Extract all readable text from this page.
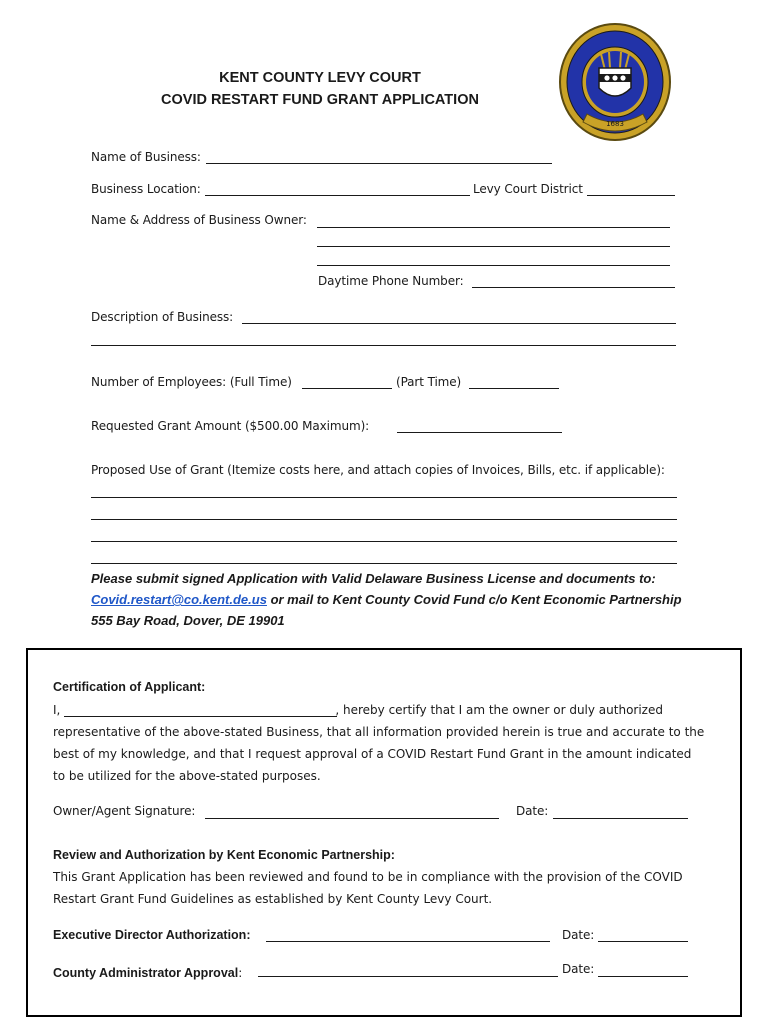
KENT COUNTY LEVY COURT
COVID RESTART FUND GRANT APPLICATION
1683
Name of Business:
Business Location:	Levy Court District
Name & Address of Business Owner:
Daytime Phone Number:
Description of Business:
Number of Employees: (Full Time)	(Part Time)
Requested Grant Amount ($500.00 Maximum):
Proposed Use of Grant (Itemize costs here, and attach copies of Invoices, Bills, etc. if applicable):
Please submit signed Application with Valid Delaware Business License and documents to:
Covid.restart@co.kent.de.us or mail to Kent County Covid Fund c/o Kent Economic Partnership
555 Bay Road, Dover, DE 19901
Certification of Applicant:
I,	, hereby certify that I am the owner or duly authorized
representative of the above-stated Business, that all information provided herein is true and accurate to the
best of my knowledge, and that I request approval of a COVID Restart Fund Grant in the amount indicated
to be utilized for the above-stated purposes.
Owner/Agent Signature:	Date:
Review and Authorization by Kent Economic Partnership:
This Grant Application has been reviewed and found to be in compliance with the provision of the COVID
Restart Grant Fund Guidelines as established by Kent County Levy Court.
Executive Director Authorization:	Date:
County Administrator Approval:	Date:
